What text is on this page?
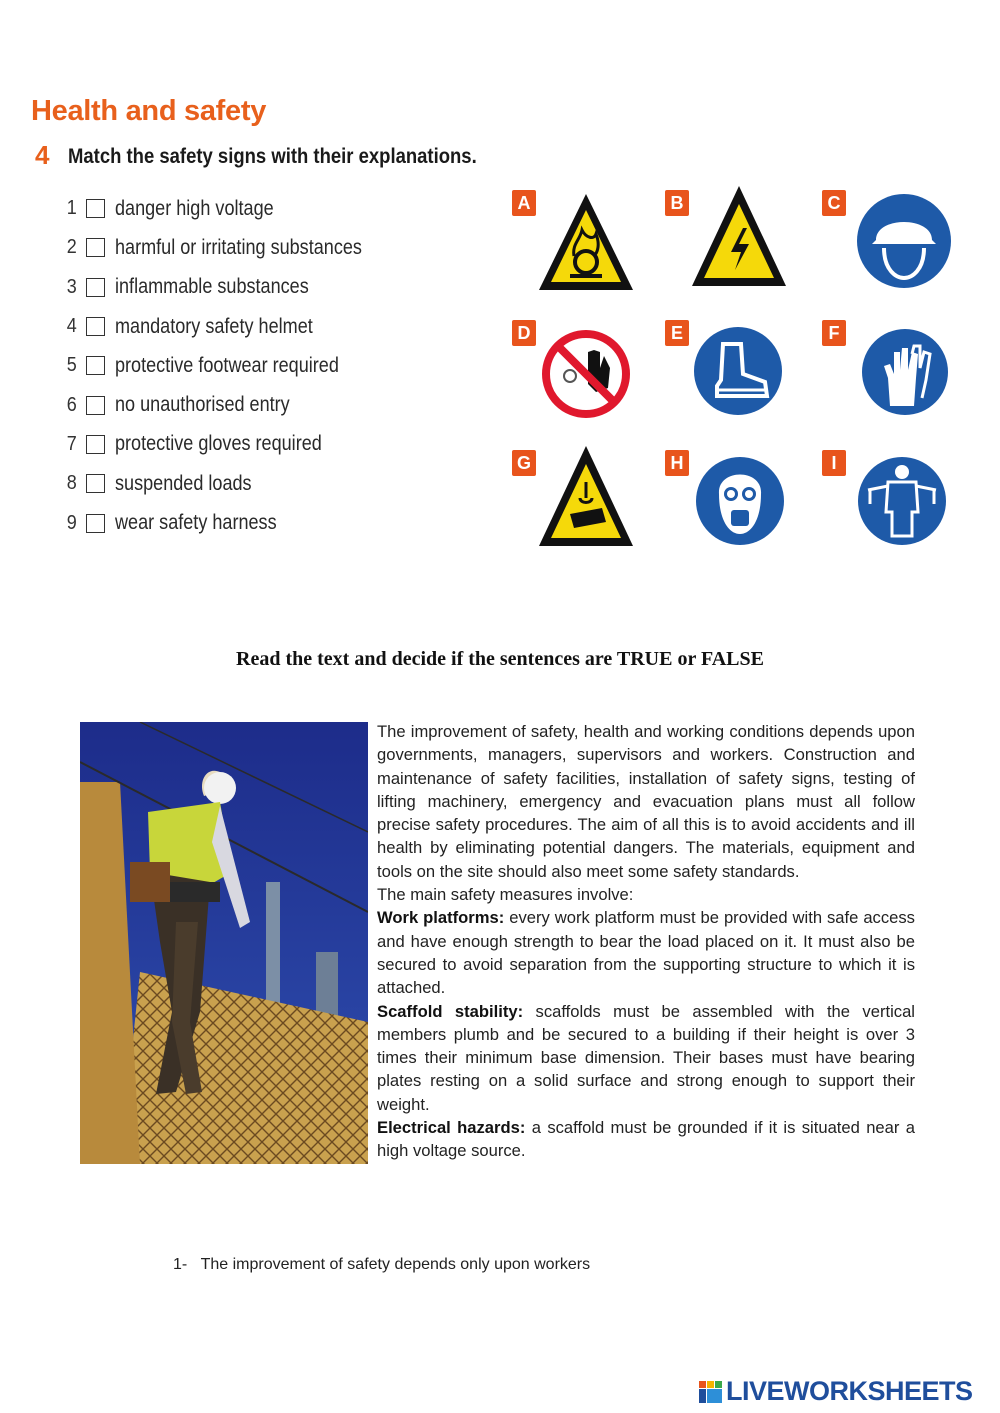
Health and safety
4 Match the safety signs with their explanations.
1 danger high voltage
2 harmful or irritating substances
3 inflammable substances
4 mandatory safety helmet
5 protective footwear required
6 no unauthorised entry
7 protective gloves required
8 suspended loads
9 wear safety harness
A	B	C
D	E	F
G	H	I
Read the text and decide if the sentences are TRUE or FALSE

The improvement of safety, health and working conditions depends upon governments, managers, supervisors and workers. Construction and maintenance of safety facilities, installation of safety signs, testing of lifting machinery, emergency and evacuation plans must all follow precise safety procedures. The aim of all this is to avoid accidents and ill health by eliminating potential dangers. The materials, equipment and tools on the site should also meet some safety standards.

The main safety measures involve:

Work platforms: every work platform must be provided with safe access and have enough strength to bear the load placed on it. It must also be secured to avoid separation from the supporting structure to which it is attached.

Scaffold stability: scaffolds must be assembled with the vertical members plumb and be secured to a building if their height is over 3 times their minimum base dimension. Their bases must have bearing plates resting on a solid surface and strong enough to support their weight.

Electrical hazards: a scaffold must be grounded if it is situated near a high voltage source.

1- The improvement of safety depends only upon workers
LIVEWORKSHEETS
